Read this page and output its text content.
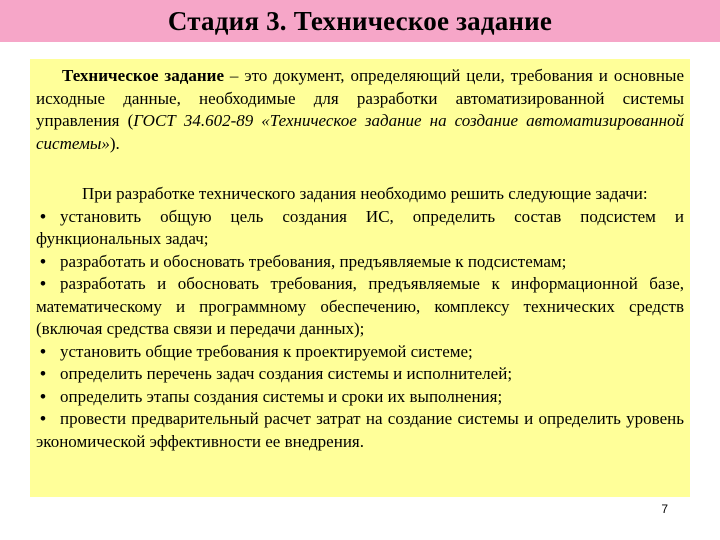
Стадия 3. Техническое задание

Техническое задание – это документ, определяющий цели, требования и основные исходные данные, необходимые для разработки автоматизированной системы управления (ГОСТ 34.602-89 «Техническое задание на создание автоматизированной системы»).

При разработке технического задания необходимо решить следующие задачи:

• установить общую цель создания ИС, определить состав подсистем и функциональных задач;
• разработать и обосновать требования, предъявляемые к подсистемам;
• разработать и обосновать требования, предъявляемые к информационной базе, математическому и программному обеспечению, комплексу технических средств (включая средства связи и передачи данных);
• установить общие требования к проектируемой системе;
• определить перечень задач создания системы и исполнителей;
• определить этапы создания системы и сроки их выполнения;
• провести предварительный расчет затрат на создание системы и определить уровень экономической эффективности ее внедрения.
7
